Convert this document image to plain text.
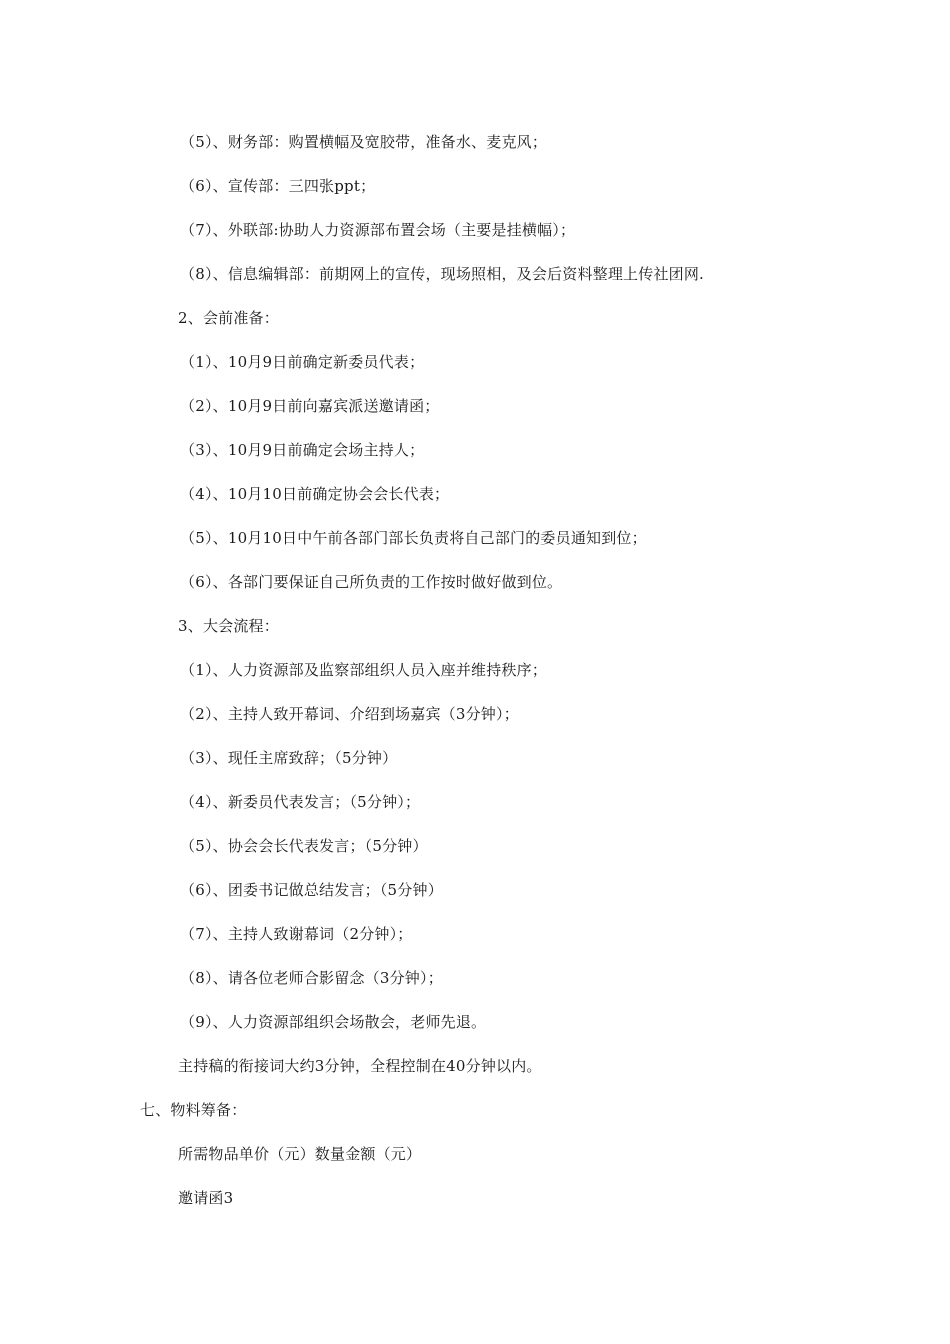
（5）、财务部：购置横幅及宽胶带，准备水、麦克风；
（6）、宣传部：三四张ppt；
（7）、外联部:协助人力资源部布置会场（主要是挂横幅）；
（8）、信息编辑部：前期网上的宣传，现场照相，及会后资料整理上传社团网.
2、会前准备：
（1）、10月9日前确定新委员代表；
（2）、10月9日前向嘉宾派送邀请函；
（3）、10月9日前确定会场主持人；
（4）、10月10日前确定协会会长代表；
（5）、10月10日中午前各部门部长负责将自己部门的委员通知到位；
（6）、各部门要保证自己所负责的工作按时做好做到位。
3、大会流程：
（1）、人力资源部及监察部组织人员入座并维持秩序；
（2）、主持人致开幕词、介绍到场嘉宾（3分钟）；
（3）、现任主席致辞；（5分钟）
（4）、新委员代表发言；（5分钟）；
（5）、协会会长代表发言；（5分钟）
（6）、团委书记做总结发言；（5分钟）
（7）、主持人致谢幕词（2分钟）；
（8）、请各位老师合影留念（3分钟）；
（9）、人力资源部组织会场散会，老师先退。
主持稿的衔接词大约3分钟，全程控制在40分钟以内。
七、物料筹备：
所需物品单价（元）数量金额（元）
邀请函3
